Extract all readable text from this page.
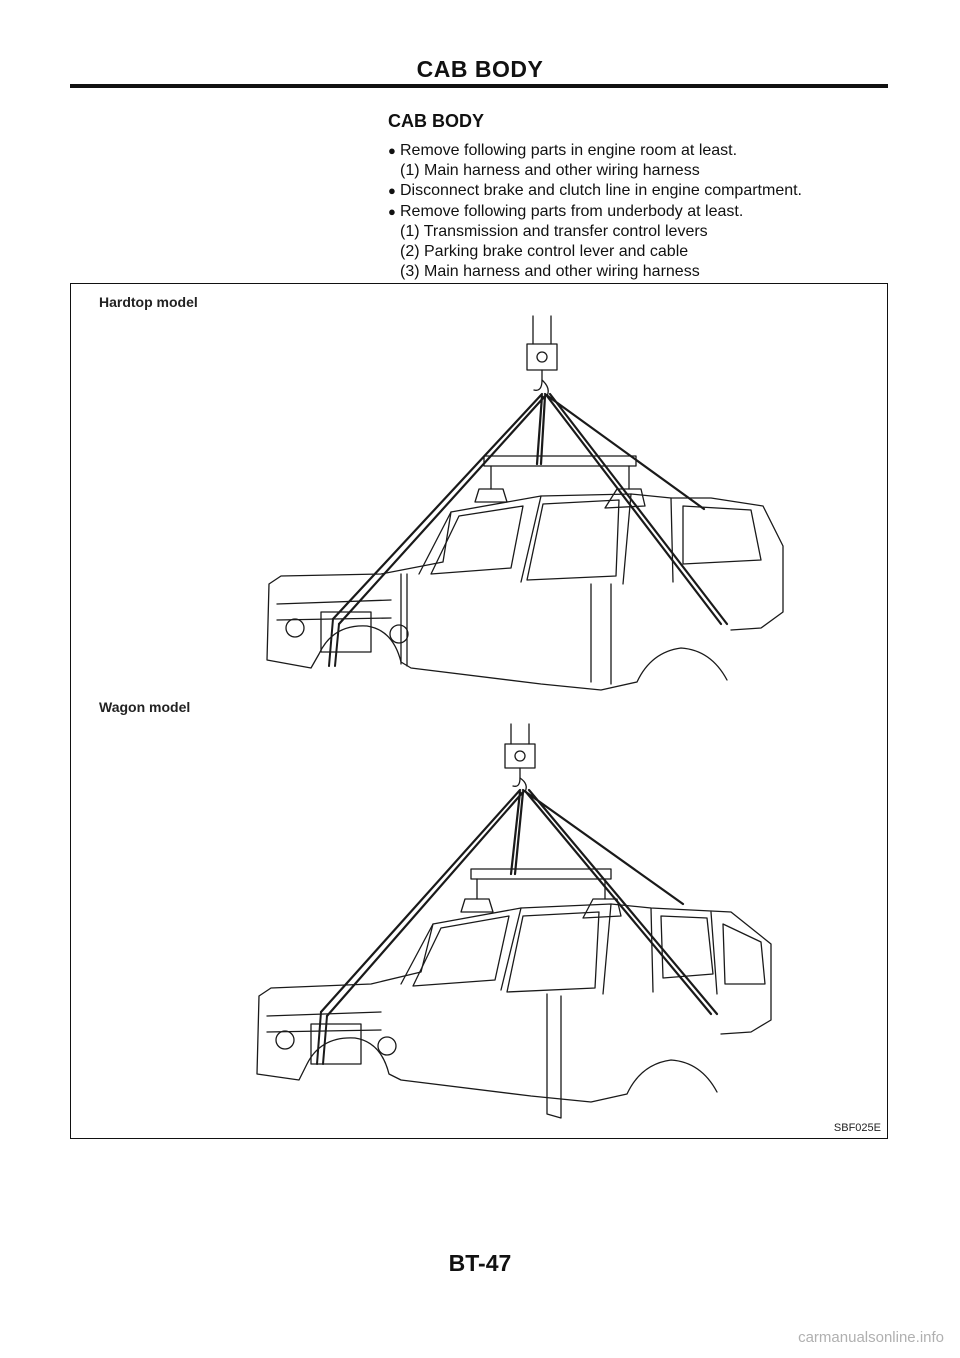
CAB BODY
CAB BODY
● Remove following parts in engine room at least.
(1) Main harness and other wiring harness
● Disconnect brake and clutch line in engine compartment.
● Remove following parts from underbody at least.
(1) Transmission and transfer control levers
(2) Parking brake control lever and cable
(3) Main harness and other wiring harness
Hardtop model
Wagon model
SBF025E
BT-47
carmanualsonline.info
